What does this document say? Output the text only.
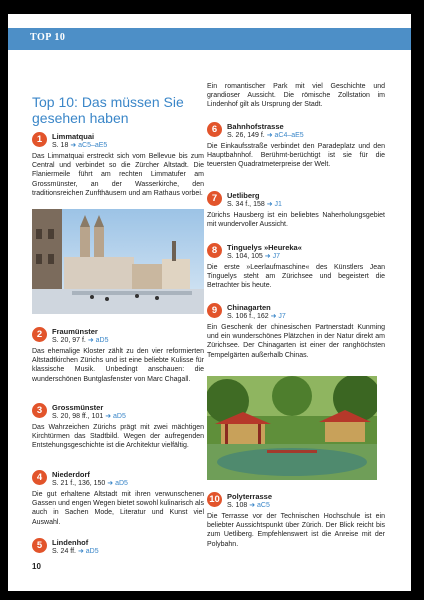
TOP 10
Top 10: Das müssen Sie gesehen haben
1	Limmatquai
S. 18 ➜ aC5–aE5
Das Limmatquai erstreckt sich vom Bellevue bis zum Central und verbindet so die Zürcher Altstadt. Die Flaniermeile führt am rechten Limmatufer am Grossmünster, an der Wasserkirche, den traditionsreichen Zunfthäusern und am Rathaus vorbei.
2	Fraumünster
S. 20, 97 f. ➜ aD5
Das ehemalige Kloster zählt zu den vier reformierten Altstadtkirchen Zürichs und ist eine beliebte Kulisse für klassische Musik. Unbedingt anschauen: die wunderschönen Buntglasfenster von Marc Chagall.
3	Grossmünster
S. 20, 98 ff., 101 ➜ aD5
Das Wahrzeichen Zürichs prägt mit zwei mächtigen Kirchtürmen das Stadtbild. Wegen der aufregenden Entstehungsgeschichte ist die Architektur vielfältig.
4	Niederdorf
S. 21 f., 136, 150 ➜ aD5
Die gut erhaltene Altstadt mit ihren verwunschenen Gassen und engen Wegen bietet sowohl kulinarisch als auch in Sachen Mode, Literatur und Kunst viel Auswahl.
5	Lindenhof
S. 24 ff. ➜ aD5
10
Ein romantischer Park mit viel Geschichte und grandioser Aussicht. Die römische Zollstation im Lindenhof gilt als Ursprung der Stadt.
6	Bahnhofstrasse
S. 26, 149 f. ➜ aC4–aE5
Die Einkaufsstraße verbindet den Paradeplatz und den Hauptbahnhof. Berühmt-berüchtigt ist sie für die teuersten Quadratmeterpreise der Welt.
7	Uetliberg
S. 34 f., 158 ➜ J1
Zürichs Hausberg ist ein beliebtes Naherholungsgebiet mit wundervoller Aussicht.
8	Tinguelys »Heureka«
S. 104, 105 ➜ J7
Die erste »Leerlaufmaschine« des Künstlers Jean Tinguelys steht am Zürichsee und begeistert die Betrachter bis heute.
9	Chinagarten
S. 106 f., 162 ➜ J7
Ein Geschenk der chinesischen Partnerstadt Kunming und ein wunderschönes Plätzchen in der Natur direkt am Zürichsee. Der Chinagarten ist einer der ranghöchsten Tempelgärten außerhalb Chinas.
10 Polyterrasse
S. 108 ➜ aC5
Die Terrasse vor der Technischen Hochschule ist ein beliebter Aussichtspunkt über Zürich. Der Blick reicht bis zum Uetliberg. Empfehlenswert ist die Anreise mit der Polybahn.
